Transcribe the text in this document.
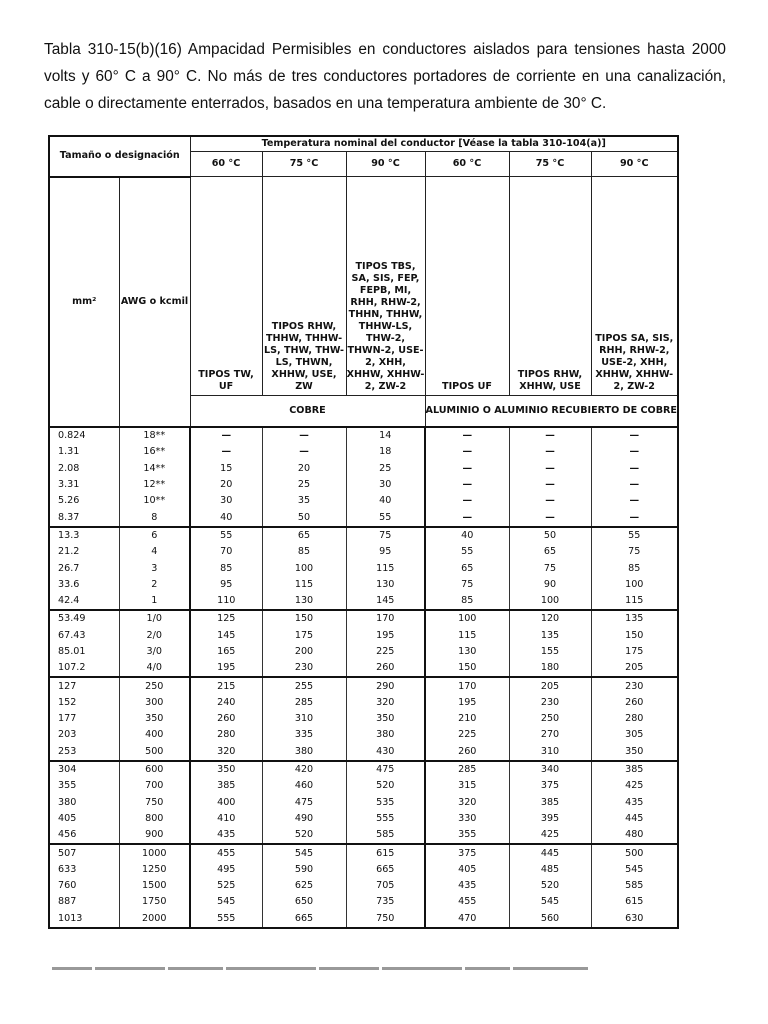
Tabla 310-15(b)(16) Ampacidad Permisibles en conductores aislados para tensiones hasta 2000 volts y 60° C a 90° C. No más de tres conductores portadores de corriente en una canalización, cable o directamente enterrados, basados en una temperatura ambiente de 30° C.

Tamaño o designación		Temperatura nominal del conductor [Véase la tabla 310-104(a)]					
		60 °C	75 °C	90 °C	60 °C	75 °C	90 °C
mm²	AWG o kcmil	TIPOS TW, UF	TIPOS RHW, THHW, THHW-LS, THW, THW-LS, THWN, XHHW, USE, ZW	TIPOS TBS, SA, SIS, FEP, FEPB, MI, RHH, RHW-2, THHN, THHW, THHW-LS, THW-2, THWN-2, USE-2, XHH, XHHW, XHHW-2, ZW-2	TIPOS UF	TIPOS RHW, XHHW, USE	TIPOS SA, SIS, RHH, RHW-2, USE-2, XHH, XHHW, XHHW-2, ZW-2
		COBRE			ALUMINIO O ALUMINIO RECUBIERTO DE COBRE		
0.824	18**	—	—	14	—	—	—
1.31	16**	—	—	18	—	—	—
2.08	14**	15	20	25	—	—	—
3.31	12**	20	25	30	—	—	—
5.26	10**	30	35	40	—	—	—
8.37	8	40	50	55	—	—	—
13.3	6	55	65	75	40	50	55
21.2	4	70	85	95	55	65	75
26.7	3	85	100	115	65	75	85
33.6	2	95	115	130	75	90	100
42.4	1	110	130	145	85	100	115
53.49	1/0	125	150	170	100	120	135
67.43	2/0	145	175	195	115	135	150
85.01	3/0	165	200	225	130	155	175
107.2	4/0	195	230	260	150	180	205
127	250	215	255	290	170	205	230
152	300	240	285	320	195	230	260
177	350	260	310	350	210	250	280
203	400	280	335	380	225	270	305
253	500	320	380	430	260	310	350
304	600	350	420	475	285	340	385
355	700	385	460	520	315	375	425
380	750	400	475	535	320	385	435
405	800	410	490	555	330	395	445
456	900	435	520	585	355	425	480
507	1000	455	545	615	375	445	500
633	1250	495	590	665	405	485	545
760	1500	525	625	705	435	520	585
887	1750	545	650	735	455	545	615
1013	2000	555	665	750	470	560	630
